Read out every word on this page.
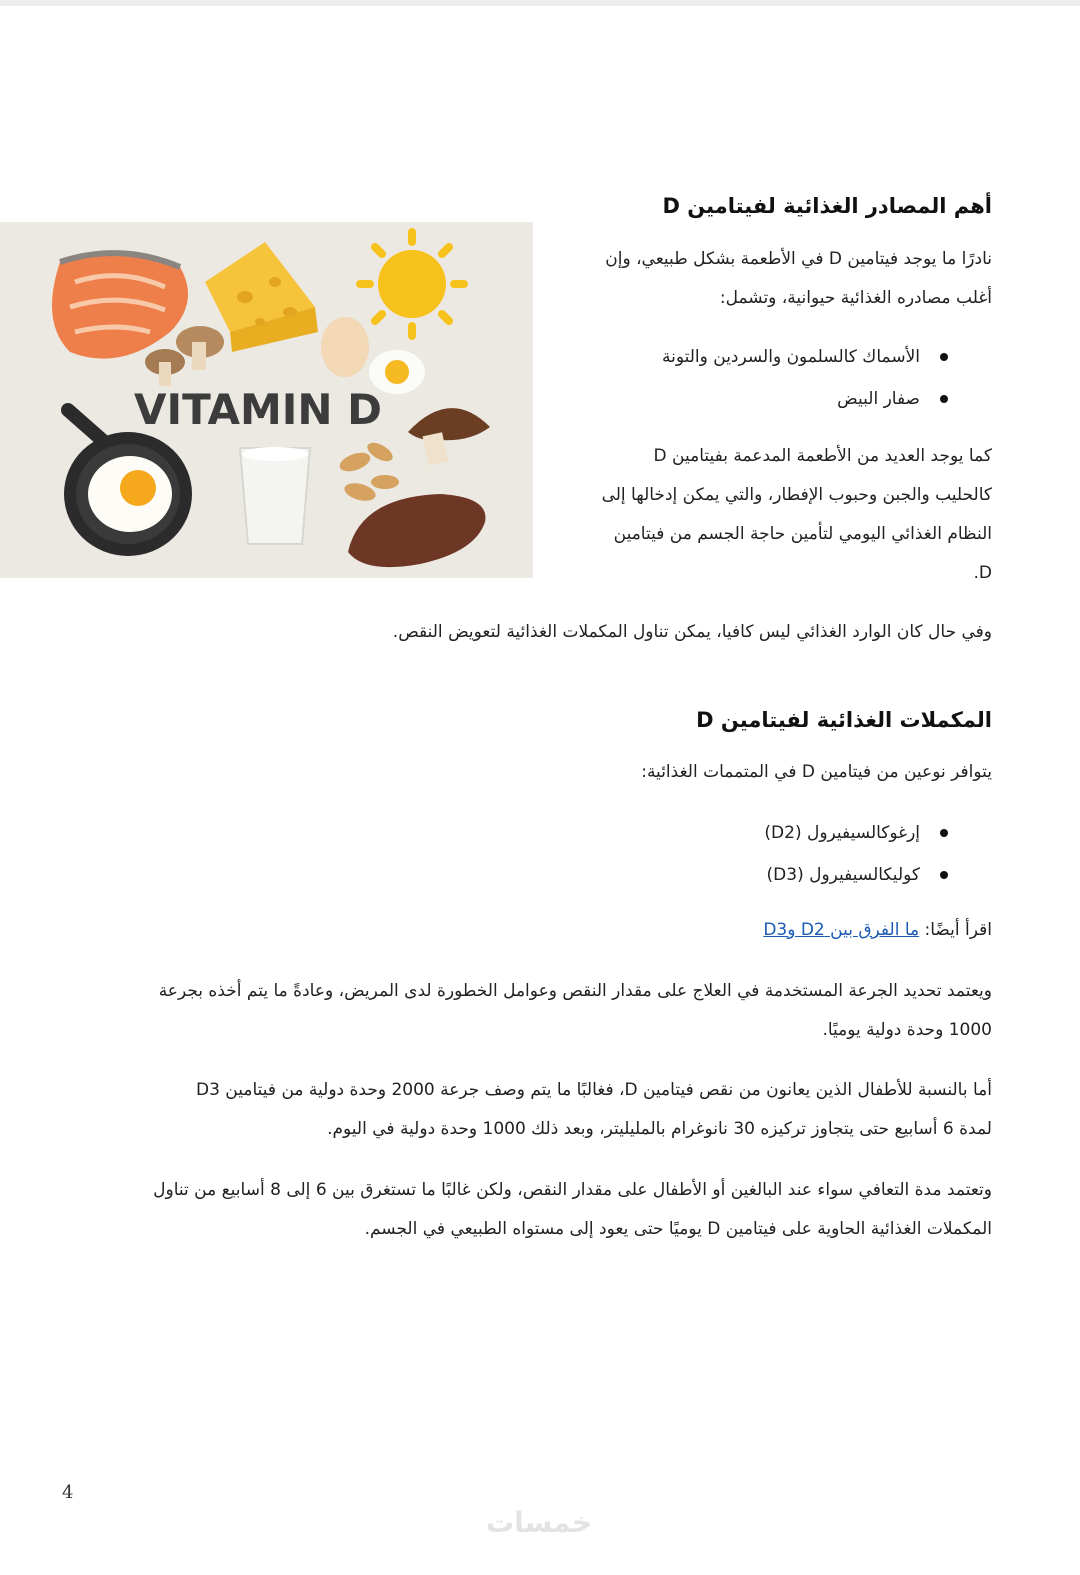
أهم المصادر الغذائية لفيتامين D
نادرًا ما يوجد فيتامين D في الأطعمة بشكل طبيعي، وإن
أغلب مصادره الغذائية حيوانية، وتشمل:
الأسماك كالسلمون والسردين والتونة
صفار البيض
كما يوجد العديد من الأطعمة المدعمة بفيتامين D
كالحليب والجبن وحبوب الإفطار، والتي يمكن إدخالها إلى
النظام الغذائي اليومي لتأمين حاجة الجسم من فيتامين
D.
VITAMIN D
وفي حال كان الوارد الغذائي ليس كافيا، يمكن تناول المكملات الغذائية لتعويض النقص.
المكملات الغذائية لفيتامين D
يتوافر نوعين من فيتامين D في المتممات الغذائية:
إرغوكالسيفيرول (D2)
كوليكالسيفيرول (D3)
اقرأ أيضًا: ما الفرق بين D2 وD3
ويعتمد تحديد الجرعة المستخدمة في العلاج على مقدار النقص وعوامل الخطورة لدى المريض، وعادةً ما يتم أخذه بجرعة
1000 وحدة دولية يوميًا.
أما بالنسبة للأطفال الذين يعانون من نقص فيتامين D، فغالبًا ما يتم وصف جرعة 2000 وحدة دولية من فيتامين D3
لمدة 6 أسابيع حتى يتجاوز تركيزه 30 نانوغرام بالمليليتر، وبعد ذلك 1000 وحدة دولية في اليوم.
وتعتمد مدة التعافي سواء عند البالغين أو الأطفال على مقدار النقص، ولكن غالبًا ما تستغرق بين 6 إلى 8 أسابيع من تناول
المكملات الغذائية الحاوية على فيتامين D يوميًا حتى يعود إلى مستواه الطبيعي في الجسم.
4
خمسات
